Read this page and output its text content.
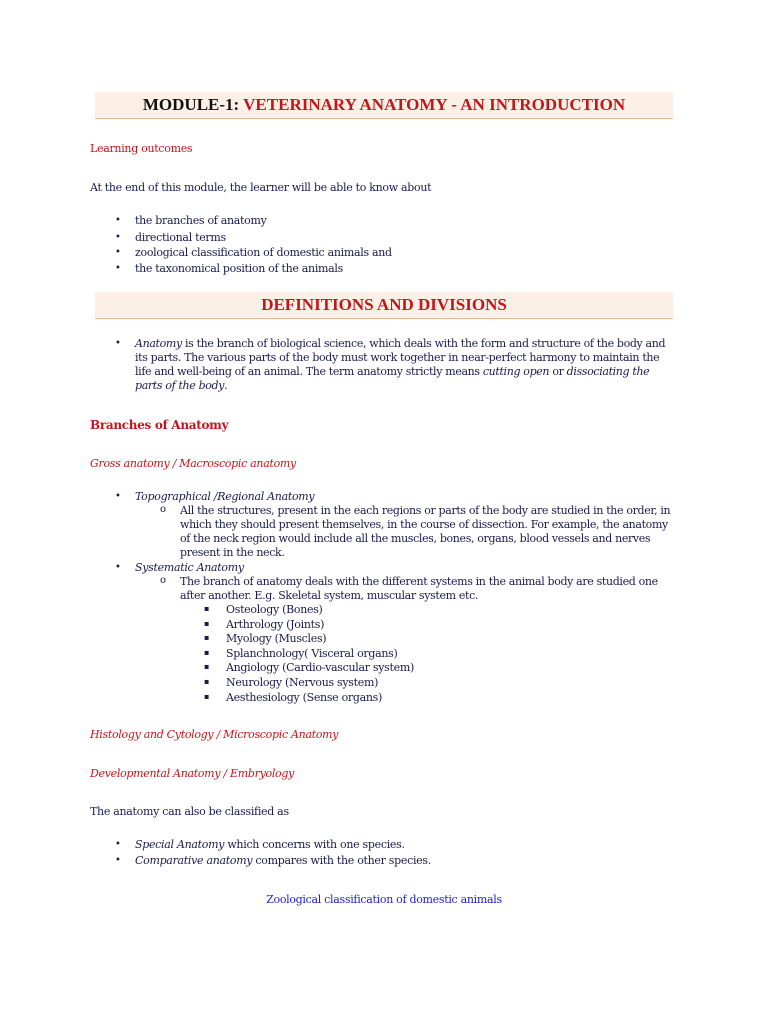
MODULE-1: VETERINARY ANATOMY - AN INTRODUCTION
Learning outcomes
At the end of this module, the learner will be able to know about
• the branches of anatomy
• directional terms
• zoological classification of domestic animals and
• the taxonomical position of the animals
DEFINITIONS AND DIVISIONS
• Anatomy is the branch of biological science, which deals with the form and structure of the body and
its parts. The various parts of the body must work together in near-perfect harmony to maintain the
life and well-being of an animal. The term anatomy strictly means cutting open or dissociating the
parts of the body.
Branches of Anatomy
Gross anatomy / Macroscopic anatomy
• Topographical /Regional Anatomy
o All the structures, present in the each regions or parts of the body are studied in the order, in
which they should present themselves, in the course of dissection. For example, the anatomy
of the neck region would include all the muscles, bones, organs, blood vessels and nerves
present in the neck.
• Systematic Anatomy
o The branch of anatomy deals with the different systems in the animal body are studied one
after another. E.g. Skeletal system, muscular system etc.
▪ Osteology (Bones)
▪ Arthrology (Joints)
▪ Myology (Muscles)
▪ Splanchnology( Visceral organs)
▪ Angiology (Cardio-vascular system)
▪ Neurology (Nervous system)
▪ Aesthesiology (Sense organs)
Histology and Cytology / Microscopic Anatomy
Developmental Anatomy / Embryology
The anatomy can also be classified as
• Special Anatomy which concerns with one species.
• Comparative anatomy compares with the other species.
Zoological classification of domestic animals
